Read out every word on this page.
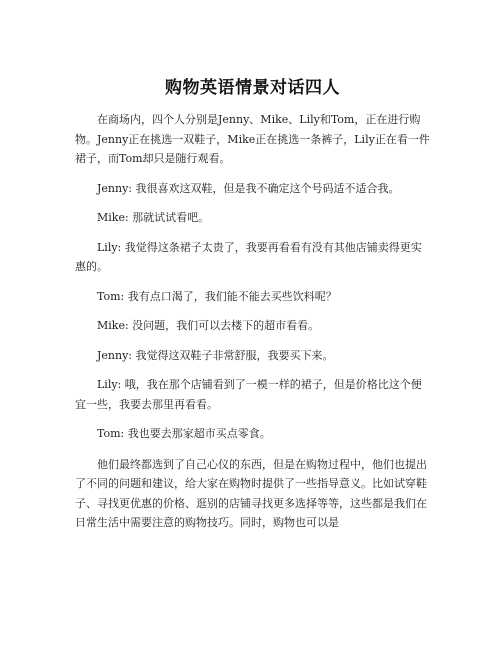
购物英语情景对话四人

在商场内，四个人分别是Jenny、Mike、Lily和Tom，正在进行购物。Jenny正在挑选一双鞋子，Mike正在挑选一条裤子，Lily正在看一件裙子，而Tom却只是随行观看。

Jenny: 我很喜欢这双鞋，但是我不确定这个号码适不适合我。

Mike: 那就试试看吧。

Lily: 我觉得这条裙子太贵了，我要再看看有没有其他店铺卖得更实惠的。

Tom: 我有点口渴了，我们能不能去买些饮料呢？

Mike: 没问题，我们可以去楼下的超市看看。

Jenny: 我觉得这双鞋子非常舒服，我要买下来。

Lily: 哦，我在那个店铺看到了一模一样的裙子，但是价格比这个便宜一些，我要去那里再看看。

Tom: 我也要去那家超市买点零食。

他们最终都选到了自己心仪的东西，但是在购物过程中，他们也提出了不同的问题和建议，给大家在购物时提供了一些指导意义。比如试穿鞋子、寻找更优惠的价格、逛别的店铺寻找更多选择等等，这些都是我们在日常生活中需要注意的购物技巧。同时，购物也可以是
